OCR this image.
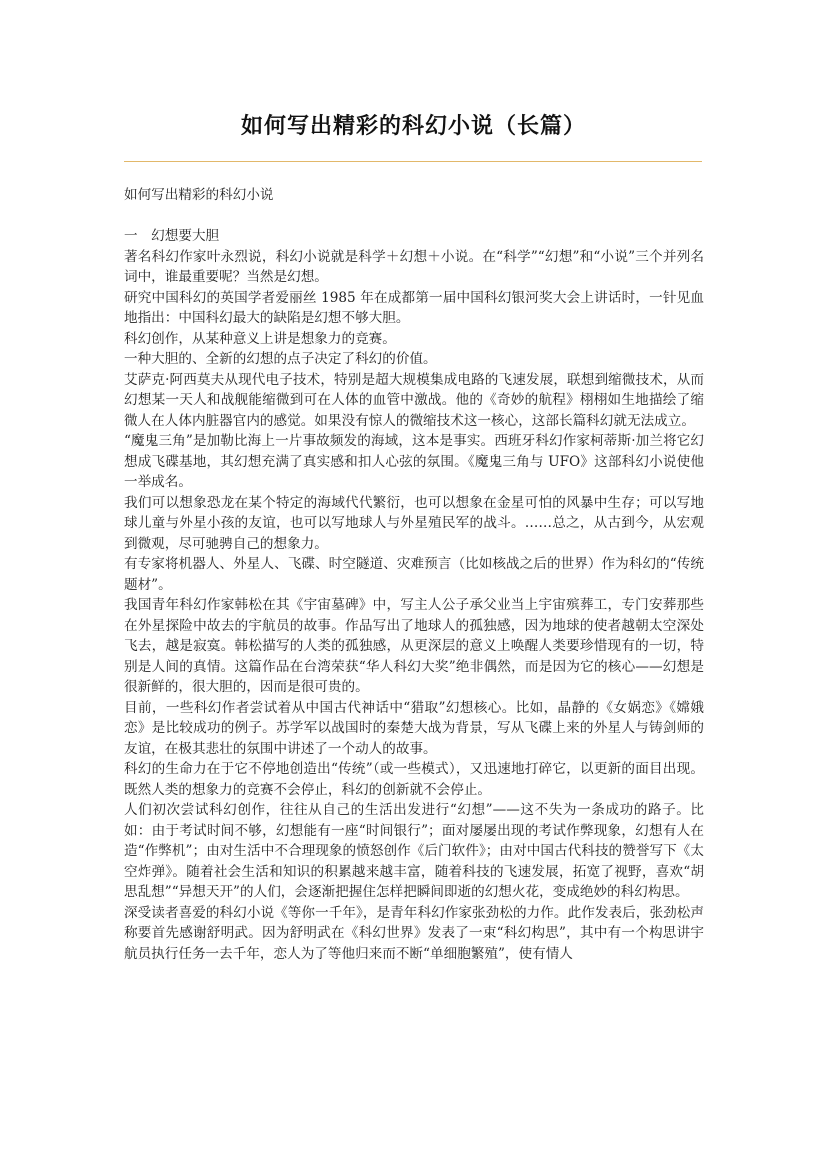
如何写出精彩的科幻小说（长篇）

如何写出精彩的科幻小说

一　幻想要大胆

著名科幻作家叶永烈说，科幻小说就是科学＋幻想＋小说。在“科学”“幻想”和“小说”三个并列名词中，谁最重要呢？当然是幻想。

研究中国科幻的英国学者爱丽丝 1985 年在成都第一届中国科幻银河奖大会上讲话时，一针见血地指出：中国科幻最大的缺陷是幻想不够大胆。

科幻创作，从某种意义上讲是想象力的竞赛。

一种大胆的、全新的幻想的点子决定了科幻的价值。

艾萨克·阿西莫夫从现代电子技术，特别是超大规模集成电路的飞速发展，联想到缩微技术，从而幻想某一天人和战舰能缩微到可在人体的血管中激战。他的《奇妙的航程》栩栩如生地描绘了缩微人在人体内脏器官内的感觉。如果没有惊人的微缩技术这一核心，这部长篇科幻就无法成立。

“魔鬼三角”是加勒比海上一片事故频发的海域，这本是事实。西班牙科幻作家柯蒂斯·加兰将它幻想成飞碟基地，其幻想充满了真实感和扣人心弦的氛围。《魔鬼三角与 UFO》这部科幻小说使他一举成名。

我们可以想象恐龙在某个特定的海域代代繁衍，也可以想象在金星可怕的风暴中生存；可以写地球儿童与外星小孩的友谊，也可以写地球人与外星殖民军的战斗。……总之，从古到今，从宏观到微观，尽可驰骋自己的想象力。

有专家将机器人、外星人、飞碟、时空隧道、灾难预言（比如核战之后的世界）作为科幻的“传统题材”。

我国青年科幻作家韩松在其《宇宙墓碑》中，写主人公子承父业当上宇宙殡葬工，专门安葬那些在外星探险中故去的宇航员的故事。作品写出了地球人的孤独感，因为地球的使者越朝太空深处飞去，越是寂寞。韩松描写的人类的孤独感，从更深层的意义上唤醒人类要珍惜现有的一切，特别是人间的真情。这篇作品在台湾荣获“华人科幻大奖”绝非偶然，而是因为它的核心——幻想是很新鲜的，很大胆的，因而是很可贵的。

目前，一些科幻作者尝试着从中国古代神话中“猎取”幻想核心。比如，晶静的《女娲恋》《嫦娥恋》是比较成功的例子。苏学军以战国时的秦楚大战为背景，写从飞碟上来的外星人与铸剑师的友谊，在极其悲壮的氛围中讲述了一个动人的故事。

科幻的生命力在于它不停地创造出“传统”（或一些模式），又迅速地打碎它，以更新的面目出现。既然人类的想象力的竞赛不会停止，科幻的创新就不会停止。

人们初次尝试科幻创作，往往从自己的生活出发进行“幻想”——这不失为一条成功的路子。比如：由于考试时间不够，幻想能有一座“时间银行”；面对屡屡出现的考试作弊现象，幻想有人在造“作弊机”；由对生活中不合理现象的愤怒创作《后门软件》；由对中国古代科技的赞誉写下《太空炸弹》。随着社会生活和知识的积累越来越丰富，随着科技的飞速发展，拓宽了视野，喜欢“胡思乱想”“异想天开”的人们，会逐渐把握住怎样把瞬间即逝的幻想火花，变成绝妙的科幻构思。

深受读者喜爱的科幻小说《等你一千年》，是青年科幻作家张劲松的力作。此作发表后，张劲松声称要首先感谢舒明武。因为舒明武在《科幻世界》发表了一束“科幻构思”，其中有一个构思讲宇航员执行任务一去千年，恋人为了等他归来而不断“单细胞繁殖”，使有情人
